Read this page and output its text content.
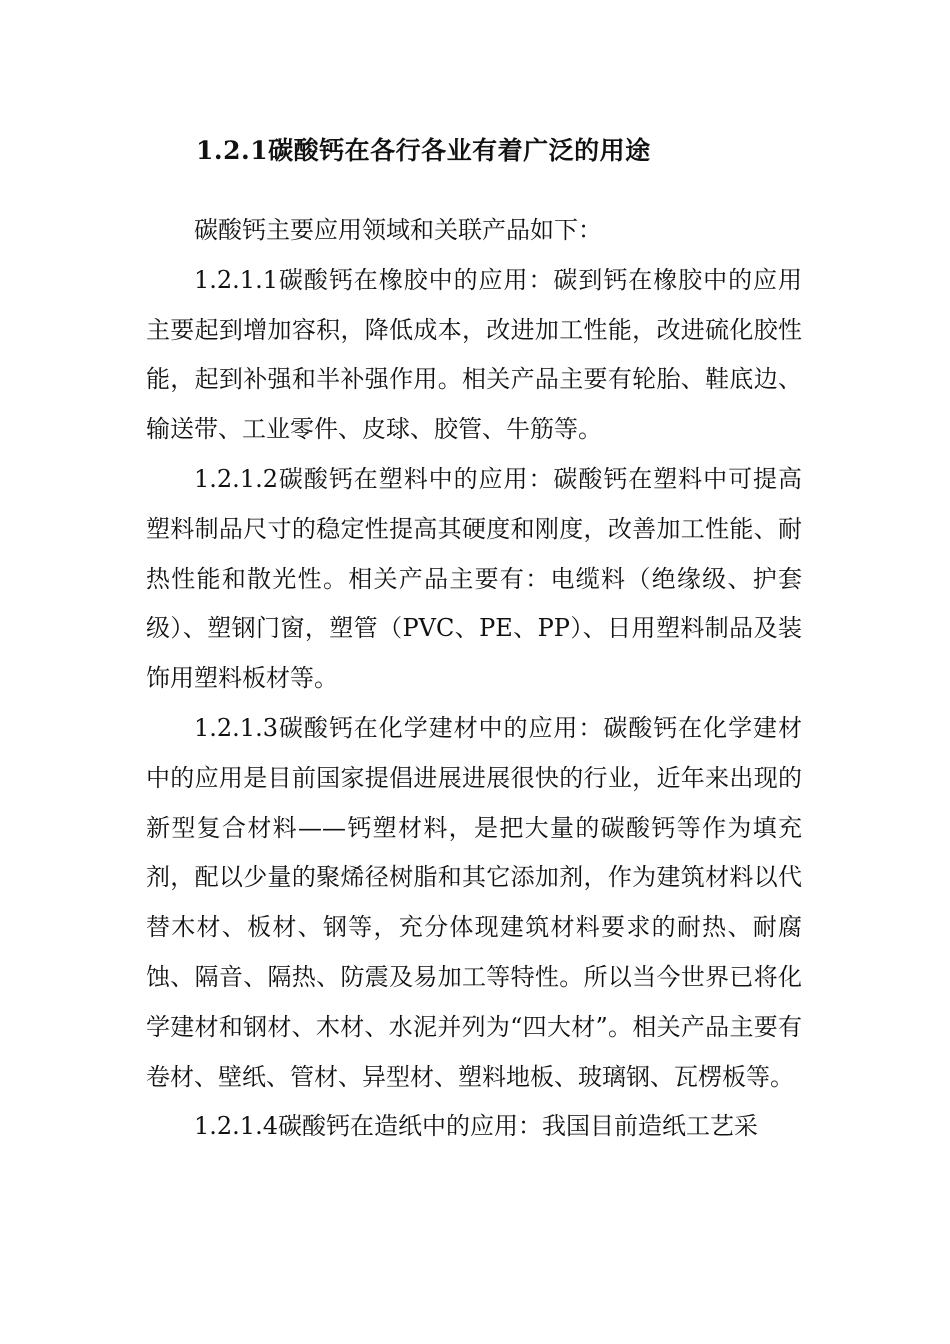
1.2.1碳酸钙在各行各业有着广泛的用途

碳酸钙主要应用领域和关联产品如下：

1.2.1.1碳酸钙在橡胶中的应用：碳到钙在橡胶中的应用主要起到增加容积，降低成本，改进加工性能，改进硫化胶性能，起到补强和半补强作用。相关产品主要有轮胎、鞋底边、输送带、工业零件、皮球、胶管、牛筋等。

1.2.1.2碳酸钙在塑料中的应用：碳酸钙在塑料中可提高塑料制品尺寸的稳定性提高其硬度和刚度，改善加工性能、耐热性能和散光性。相关产品主要有：电缆料（绝缘级、护套级）、塑钢门窗，塑管（PVC、PE、PP）、日用塑料制品及装饰用塑料板材等。

1.2.1.3碳酸钙在化学建材中的应用：碳酸钙在化学建材中的应用是目前国家提倡进展进展很快的行业，近年来出现的新型复合材料——钙塑材料，是把大量的碳酸钙等作为填充剂，配以少量的聚烯径树脂和其它添加剂，作为建筑材料以代替木材、板材、钢等，充分体现建筑材料要求的耐热、耐腐蚀、隔音、隔热、防震及易加工等特性。所以当今世界已将化学建材和钢材、木材、水泥并列为“四大材”。相关产品主要有卷材、壁纸、管材、异型材、塑料地板、玻璃钢、瓦楞板等。

1.2.1.4碳酸钙在造纸中的应用：我国目前造纸工艺采
